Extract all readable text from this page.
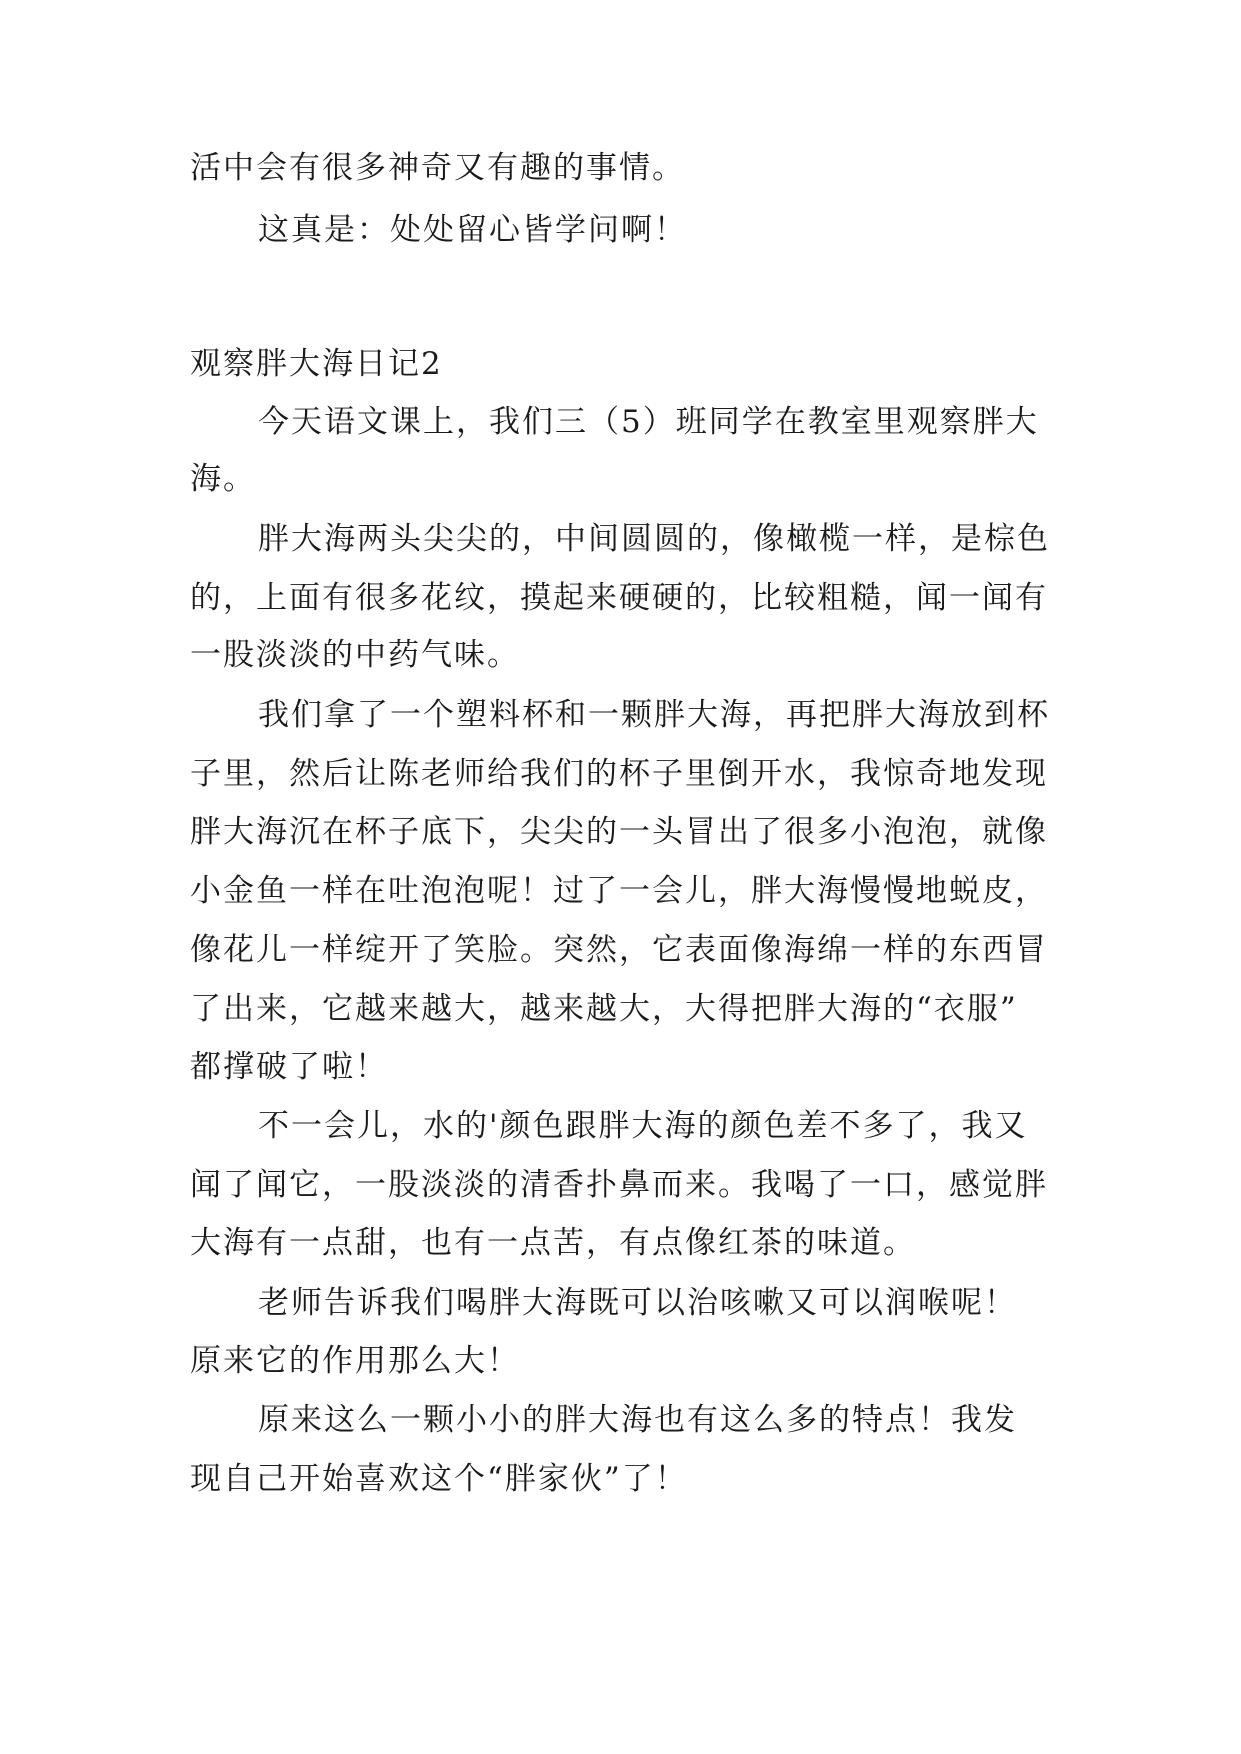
活中会有很多神奇又有趣的事情。
这真是：处处留心皆学问啊！
观察胖大海日记2
今天语文课上，我们三（5）班同学在教室里观察胖大
海。
胖大海两头尖尖的，中间圆圆的，像橄榄一样，是棕色
的，上面有很多花纹，摸起来硬硬的，比较粗糙，闻一闻有
一股淡淡的中药气味。
我们拿了一个塑料杯和一颗胖大海，再把胖大海放到杯
子里，然后让陈老师给我们的杯子里倒开水，我惊奇地发现
胖大海沉在杯子底下，尖尖的一头冒出了很多小泡泡，就像
小金鱼一样在吐泡泡呢！过了一会儿，胖大海慢慢地蜕皮，
像花儿一样绽开了笑脸。突然，它表面像海绵一样的东西冒
了出来，它越来越大，越来越大，大得把胖大海的“衣服”
都撑破了啦！
不一会儿，水的'颜色跟胖大海的颜色差不多了，我又
闻了闻它，一股淡淡的清香扑鼻而来。我喝了一口，感觉胖
大海有一点甜，也有一点苦，有点像红茶的味道。
老师告诉我们喝胖大海既可以治咳嗽又可以润喉呢！
原来它的作用那么大！
原来这么一颗小小的胖大海也有这么多的特点！我发
现自己开始喜欢这个“胖家伙”了！
